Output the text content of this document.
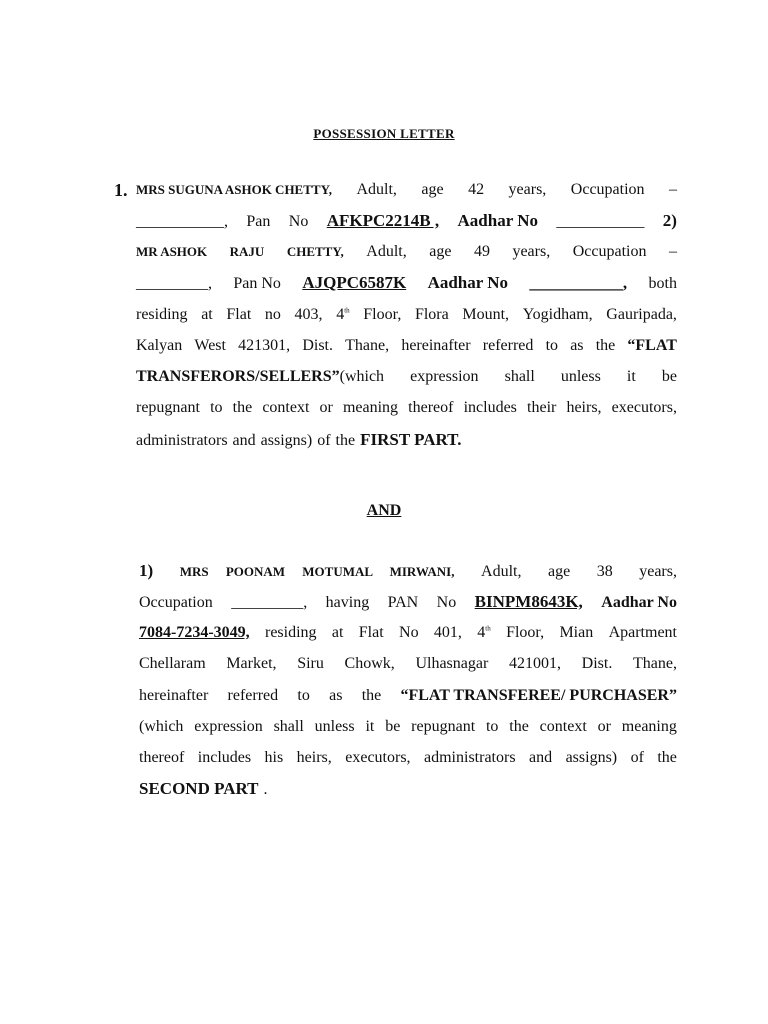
POSSESSION LETTER
1. MRS SUGUNA ASHOK CHETTY, Adult, age 42 years, Occupation –
___________, Pan No AFKPC2214B , Aadhar No ___________ 2)
MR ASHOK RAJU CHETTY, Adult, age 49 years, Occupation –
_________, Pan No AJQPC6587K Aadhar No ___________, both
residing at Flat no 403, 4th Floor, Flora Mount, Yogidham, Gauripada,
Kalyan West 421301, Dist. Thane, hereinafter referred to as the “FLAT
TRANSFERORS/SELLERS”(which expression shall unless it be
repugnant to the context or meaning thereof includes their heirs, executors,
administrators and assigns) of the FIRST PART.
AND
1) MRS POONAM MOTUMAL MIRWANI, Adult, age 38 years,
Occupation _________, having PAN No BINPM8643K, Aadhar No
7084-7234-3049, residing at Flat No 401, 4th Floor, Mian Apartment
Chellaram Market, Siru Chowk, Ulhasnagar 421001, Dist. Thane,
hereinafter referred to as the “FLAT TRANSFEREE/ PURCHASER”
(which expression shall unless it be repugnant to the context or meaning
thereof includes his heirs, executors, administrators and assigns) of the
SECOND PART .
